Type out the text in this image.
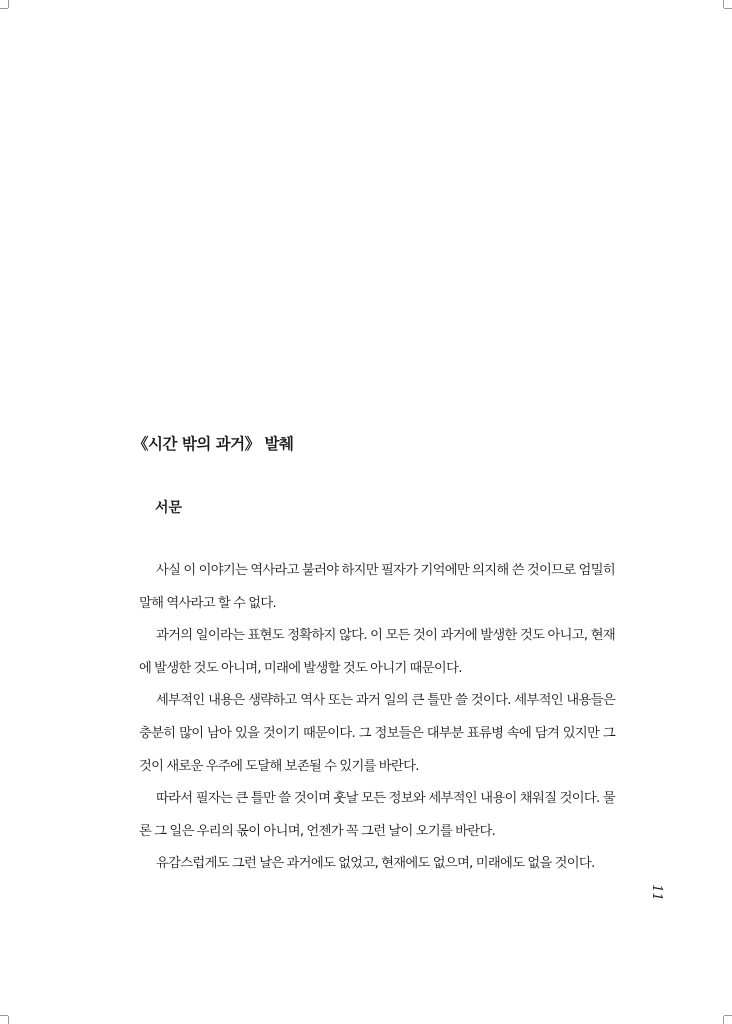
《시간 밖의 과거》 발췌
서문

사실 이 이야기는 역사라고 불러야 하지만 필자가 기억에만 의지해 쓴 것이므로 엄밀히 말해 역사라고 할 수 없다.

과거의 일이라는 표현도 정확하지 않다. 이 모든 것이 과거에 발생한 것도 아니고, 현재에 발생한 것도 아니며, 미래에 발생할 것도 아니기 때문이다.

세부적인 내용은 생략하고 역사 또는 과거 일의 큰 틀만 쓸 것이다. 세부적인 내용들은 충분히 많이 남아 있을 것이기 때문이다. 그 정보들은 대부분 표류병 속에 담겨 있지만 그것이 새로운 우주에 도달해 보존될 수 있기를 바란다.

따라서 필자는 큰 틀만 쓸 것이며 훗날 모든 정보와 세부적인 내용이 채워질 것이다. 물론 그 일은 우리의 몫이 아니며, 언젠가 꼭 그런 날이 오기를 바란다.

유감스럽게도 그런 날은 과거에도 없었고, 현재에도 없으며, 미래에도 없을 것이다.

11
